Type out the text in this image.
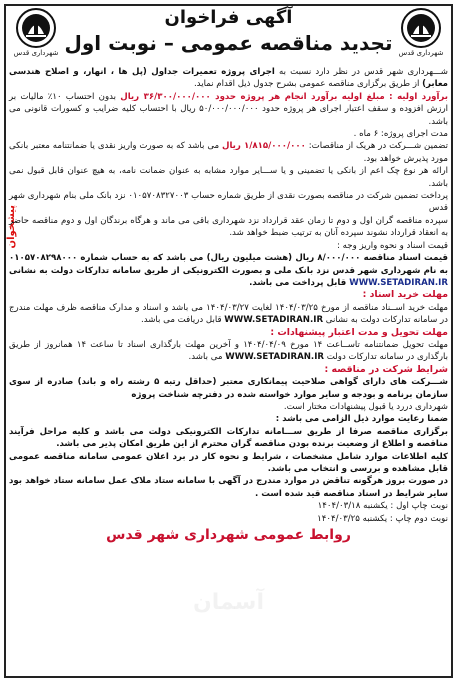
شهرداری قدس
شهرداری قدس
آگهی فراخوان
تجدید مناقصه عمومی – نوبت اول
آسمان
پیشخوان

شـــهرداری شهر قدس در نظر دارد نسبت به اجرای پروژه تعمیرات جداول (پل ها ، انهار، و اصلاح هندسی معابر) از طریق برگزاری مناقصه عمومی بشرح جدول ذیل اقدام نماید.

برآورد اولیه : مبلغ اولیه برآورد انجام هر پروژه حدود ۳۶/۳۰۰/۰۰۰/۰۰۰ ریال بدون احتساب ۱۰٪ مالیات بر ارزش افزوده و سقف اعتبار اجرای هر پروژه حدود ۵۰/۰۰۰/۰۰۰/۰۰۰ ریال با احتساب کلیه ضرایب و کسورات قانونی می باشد.

مدت اجرای پروژه: ۶ ماه .

تضمین شـــرکت در هریک از مناقصات: ۱/۸۱۵/۰۰۰/۰۰۰ ریال می باشد که به صورت واریز نقدی یا ضمانتنامه معتبر بانکی مورد پذیرش خواهد بود.

ارائه هر نوع چک اعم از بانکی یا تضمینی و یا ســـایر موارد مشابه به عنوان ضمانت نامه، به هیچ عنوان قابل قبول نمی باشد.

پرداخت تضمین شرکت در مناقصه بصورت نقدی از طریق شماره حساب ۰۱۰۵۷۰۸۳۲۷۰۰۳ نزد بانک ملی بنام شهرداری شهر قدس

سپرده مناقصه گران اول و دوم تا زمان عقد قرارداد نزد شهرداری باقی می ماند و هرگاه برندگان اول و دوم مناقصه حاضر به انعقاد قرارداد نشوند سپرده آنان به ترتیب ضبط خواهد شد.

قیمت اسناد و نحوه واریز وجه :

قیمت اسناد مناقصه ۸/۰۰۰/۰۰۰ ریال (هشت میلیون ریال) می باشد که به حساب شماره ۰۱۰۵۷۰۸۲۹۸۰۰۰ به نام شهرداری شهر قدس نزد بانک ملی و بصورت الکترونیکی از طریق سامانه تدارکات دولت به نشانی WWW.SETADIRAN.IR قابل پرداخت می باشد.

مهلت خرید اسناد :

مهلت خرید اســناد مناقصه از مورخ ۱۴۰۴/۰۳/۲۵ لغایت ۱۴۰۴/۰۳/۲۷ می باشد و اسناد و مدارک مناقصه ظرف مهلت مندرج در سامانه تدارکات دولت به نشانی WWW.SETADIRAN.IR قابل دریافت می باشد.

مهلت تحویل و مدت اعتبار پیشنهادات :

مهلت تحویل ضمانتنامه تاســاعت ۱۴ مورخ ۱۴۰۴/۰۴/۰۹ و آخرین مهلت بارگذاری اسناد تا ساعت ۱۴ همانروز از طریق بارگذاری در سامانه تدارکات دولت WWW.SETADIRAN.IR می باشد.

شرایط شرکت در مناقصه :

شـــرکت های دارای گواهی صلاحیت پیمانکاری معتبر (حداقل رتبه ۵ رشته راه و باند) صادره از سوی سازمان برنامه و بودجه و سایر موارد خواسته شده در دفترچه شناخت پروژه

شهرداری دررد یا قبول پیشنهادات مختار است.

ضمنا رعایت موارد ذیل الزامی می باشد :

برگزاری مناقصه صرفا از طریق ســـامانه تدارکات الکترونیکی دولت می باشد و کلیه مراحل فرآیند مناقصه و اطلاع از وضعیت برنده بودن مناقصه گران محترم از این طریق امکان پذیر می باشد.

کلیه اطلاعات موارد شامل مشخصات ، شرایط و نحوه کار در برد اعلان عمومی سامانه مناقصه عمومی قابل مشاهده و بررسی و انتخاب می باشد.

در صورت بروز هرگونه تناقض در موارد مندرج در آگهی با سامانه ستاد ملاک عمل سامانه ستاد خواهد بود سایر شرایط در اسناد مناقصه قید شده است .

نوبت چاپ اول : یکشنبه ۱۴۰۴/۰۳/۱۸

نوبت دوم چاپ : یکشنبه ۱۴۰۴/۰۳/۲۵

روابط عمومی شهرداری شهر قدس
